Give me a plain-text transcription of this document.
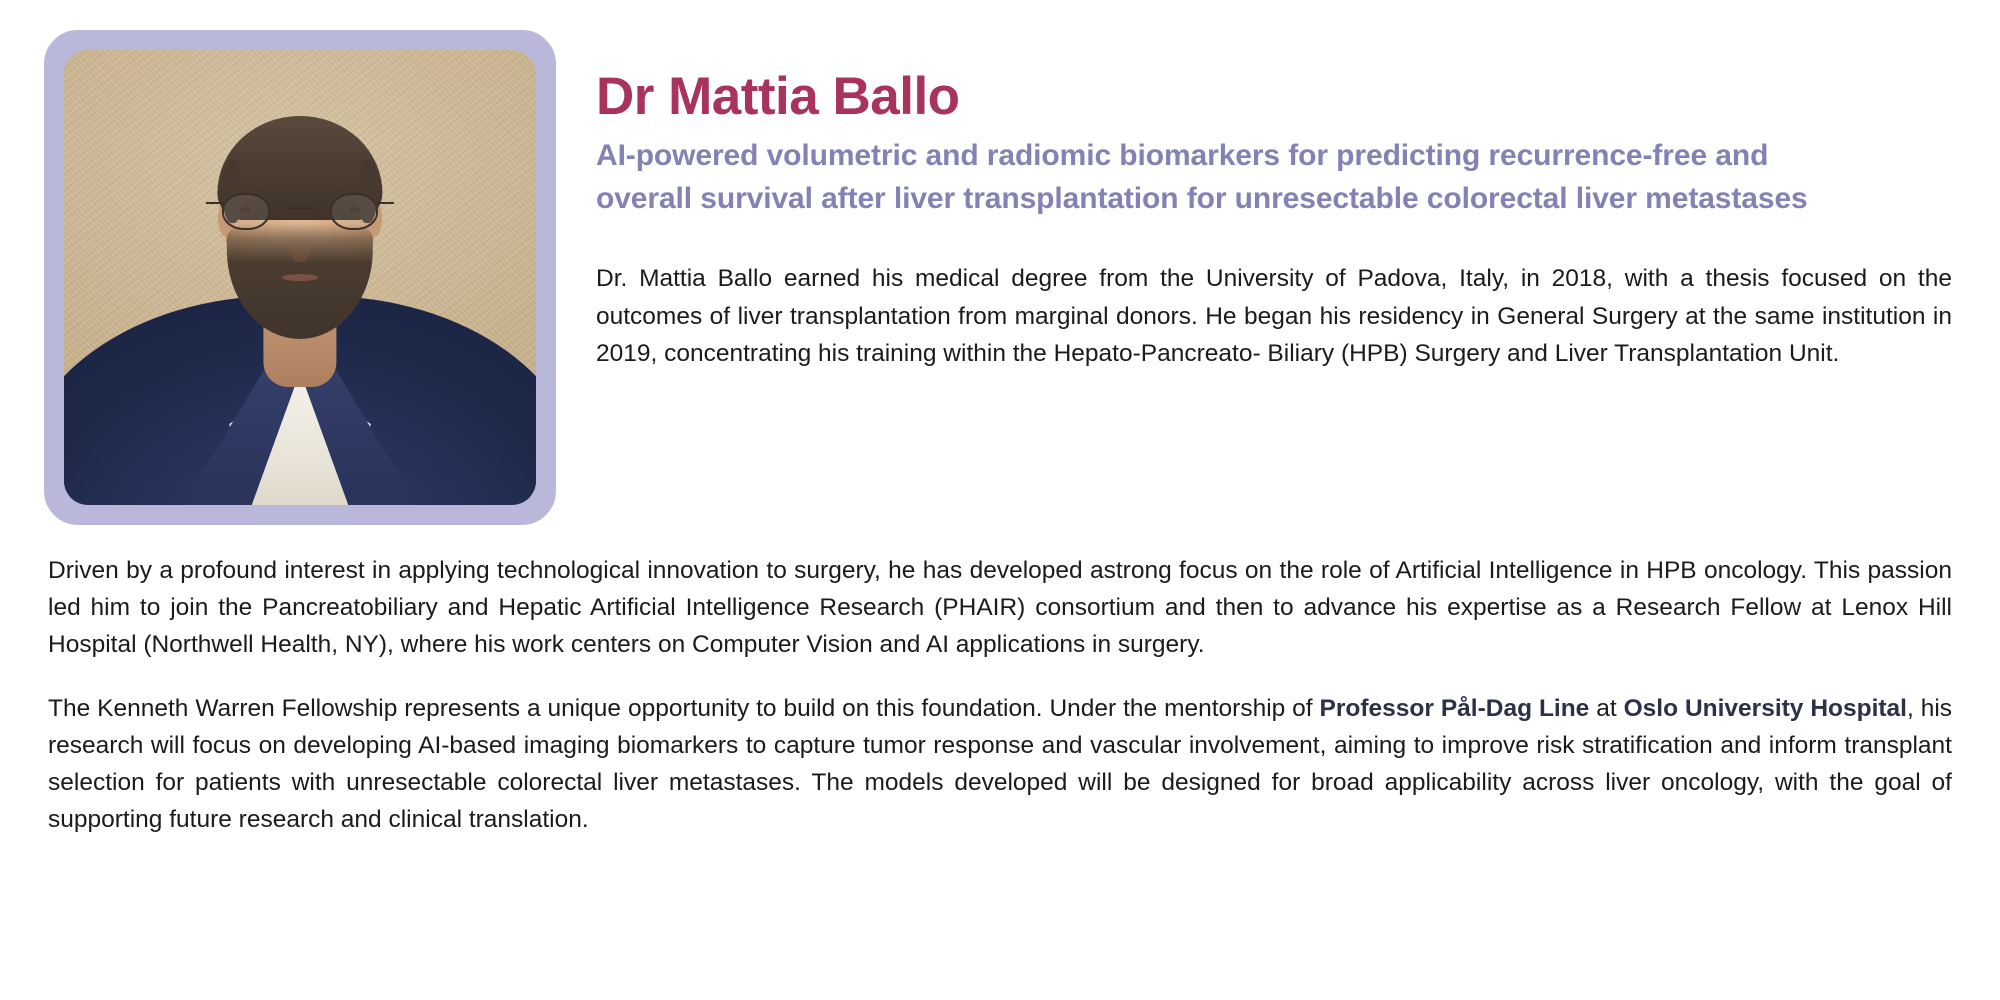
Dr Mattia Ballo
AI-powered volumetric and radiomic biomarkers for predicting recurrence-free and overall survival after liver transplantation for unresectable colorectal liver metastases

Dr. Mattia Ballo earned his medical degree from the University of Padova, Italy, in 2018, with a thesis focused on the outcomes of liver transplantation from marginal donors. He began his residency in General Surgery at the same institution in 2019, concentrating his training within the Hepato-Pancreato- Biliary (HPB) Surgery and Liver Transplantation Unit.

Driven by a profound interest in applying technological innovation to surgery, he has developed astrong focus on the role of Artificial Intelligence in HPB oncology. This passion led him to join the Pancreatobiliary and Hepatic Artificial Intelligence Research (PHAIR) consortium and then to advance his expertise as a Research Fellow at Lenox Hill Hospital (Northwell Health, NY), where his work centers on Computer Vision and AI applications in surgery.

The Kenneth Warren Fellowship represents a unique opportunity to build on this foundation. Under the mentorship of Professor Pål-Dag Line at Oslo University Hospital, his research will focus on developing AI-based imaging biomarkers to capture tumor response and vascular involvement, aiming to improve risk stratification and inform transplant selection for patients with unresectable colorectal liver metastases. The models developed will be designed for broad applicability across liver oncology, with the goal of supporting future research and clinical translation.
